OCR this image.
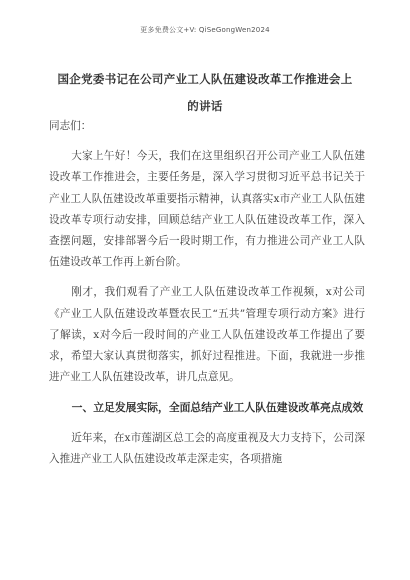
更多免费公文+V: QiSeGongWen2024
国企党委书记在公司产业工人队伍建设改革工作推进会上
的讲话

同志们：

大家上午好！今天，我们在这里组织召开公司产业工人队伍建设改革工作推进会，主要任务是，深入学习贯彻习近平总书记关于产业工人队伍建设改革重要指示精神，认真落实x市产业工人队伍建设改革专项行动安排，回顾总结产业工人队伍建设改革工作，深入查摆问题，安排部署今后一段时期工作，有力推进公司产业工人队伍建设改革工作再上新台阶。

刚才，我们观看了产业工人队伍建设改革工作视频，x对公司《产业工人队伍建设改革暨农民工“五共”管理专项行动方案》进行了解读，x对今后一段时间的产业工人队伍建设改革工作提出了要求，希望大家认真贯彻落实，抓好过程推进。下面，我就进一步推进产业工人队伍建设改革，讲几点意见。

一、立足发展实际，全面总结产业工人队伍建设改革亮点成效

近年来，在x市莲湖区总工会的高度重视及大力支持下，公司深入推进产业工人队伍建设改革走深走实，各项措施
